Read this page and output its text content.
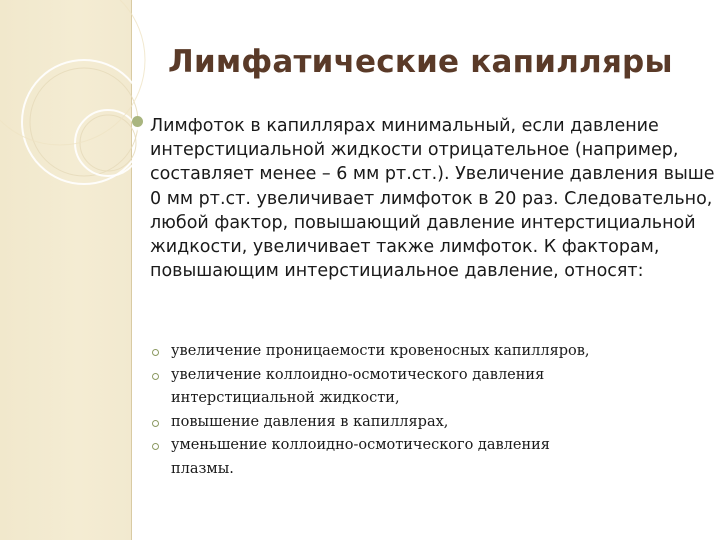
Лимфатические капилляры

Лимфоток в капиллярах минимальный, если давление интерстициальной жидкости отрицательное (например, составляет менее – 6 мм рт.ст.). Увеличение давления выше 0 мм рт.ст. увеличивает лимфоток в 20 раз. Следовательно, любой фактор, повышающий давление интерстициальной жидкости, увеличивает также лимфоток. К факторам, повышающим интерстициальное давление, относят:

увеличение проницаемости кровеносных капилляров,
увеличение коллоидно-осмотического давления
интерстициальной жидкости,
повышение давления в капиллярах,
уменьшение коллоидно-осмотического давления
плазмы.
